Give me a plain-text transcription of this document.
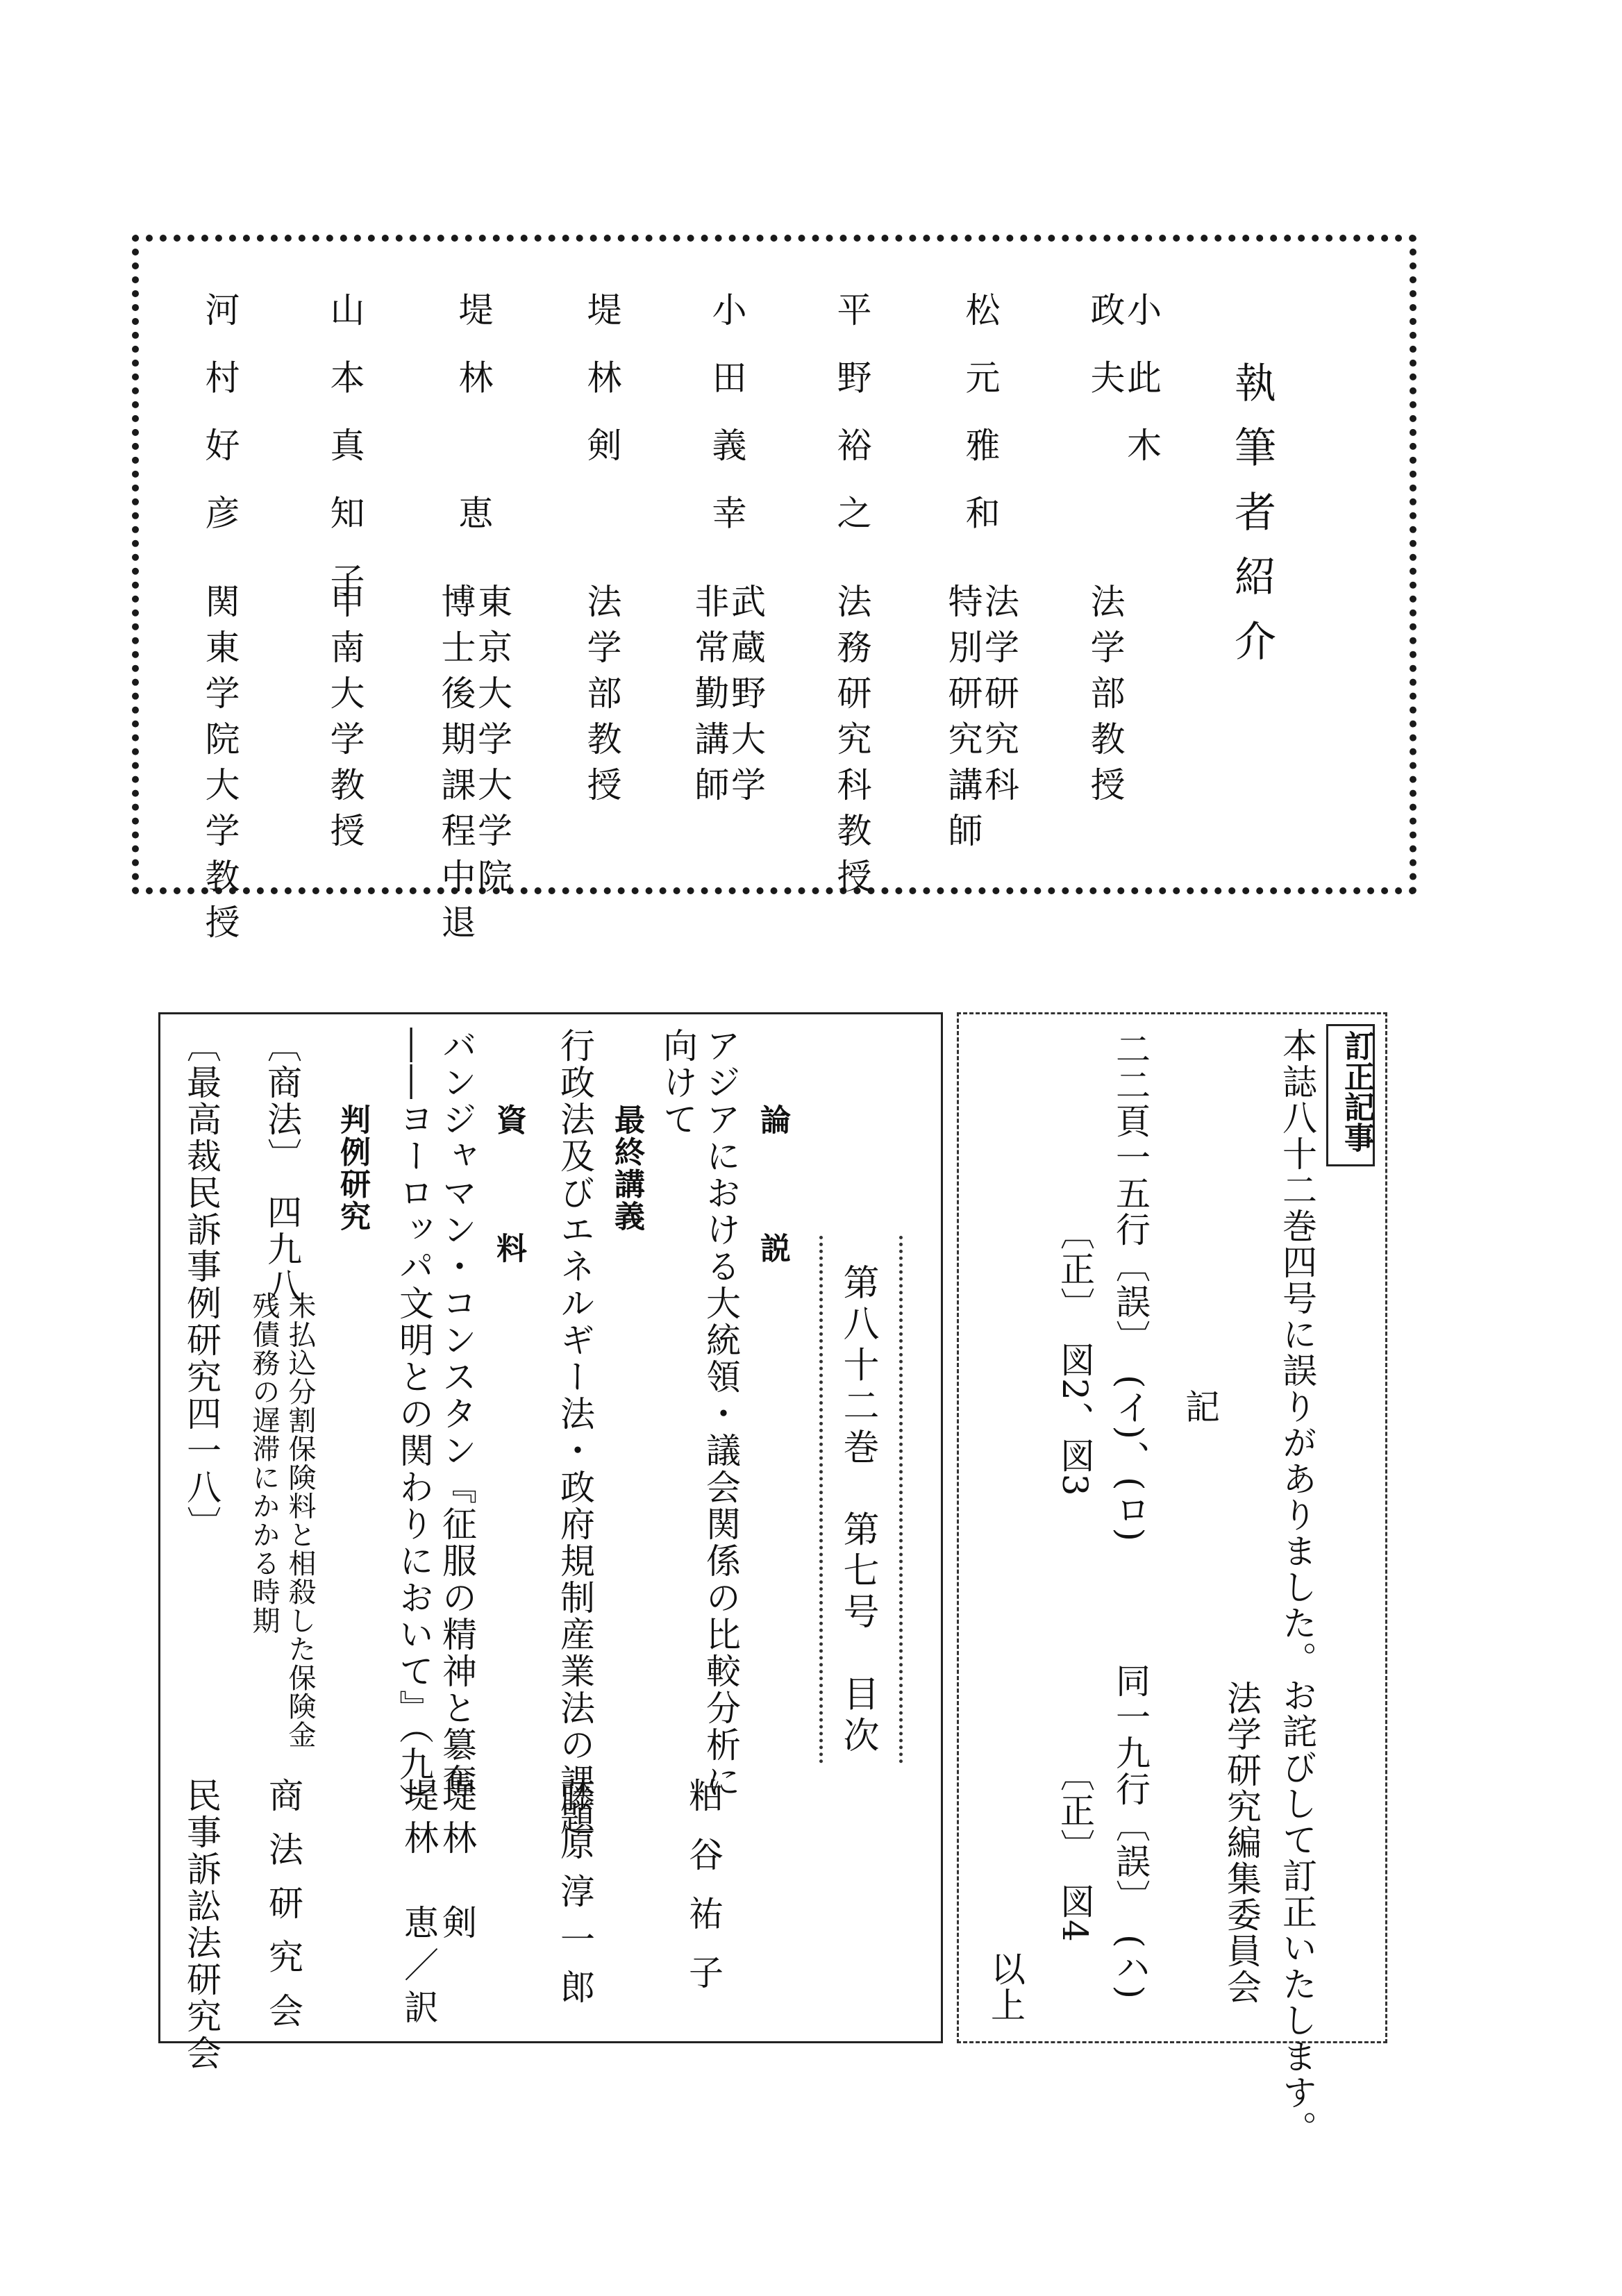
執筆者紹介
小此木
政夫
法学部教授
松元雅和
法学研究科
特別研究講師
平野裕之
法務研究科教授
小田義幸
武蔵野大学
非常勤講師
堤林剣
法学部教授
堤林　恵
東京大学大学院
博士後期課程中退
山本真知子
甲南大学教授
河村好彦
関東学院大学教授
第八十二巻　第七号　目次
論　説
アジアにおける大統領・議会関係の比較分析に
向けて
粕谷祐子
最終講義
行政法及びエネルギー法・政府規制産業法の課題
藤原淳一郎
資　料
バンジャマン・コンスタン『征服の精神と簒奪
――ヨーロッパ文明との関わりにおいて』（九） 堤林　剣
堤林　恵／訳
判例研究
〔商法〕　四九八
未払込分割保険料と相殺した保険金
残債務の遅滞にかかる時期
商法研究会
〔最高裁民訴事例研究四一八〕
民事訴訟法研究会
訂正記事
本誌八十二巻四号に誤りがありました。お詫びして訂正いたします。
法学研究編集委員会
記
二二頁一五行〔誤〕　(イ)、(ロ)
〔正〕　図2、図3
同一九行〔誤〕　(ハ)
〔正〕　図4
以上
